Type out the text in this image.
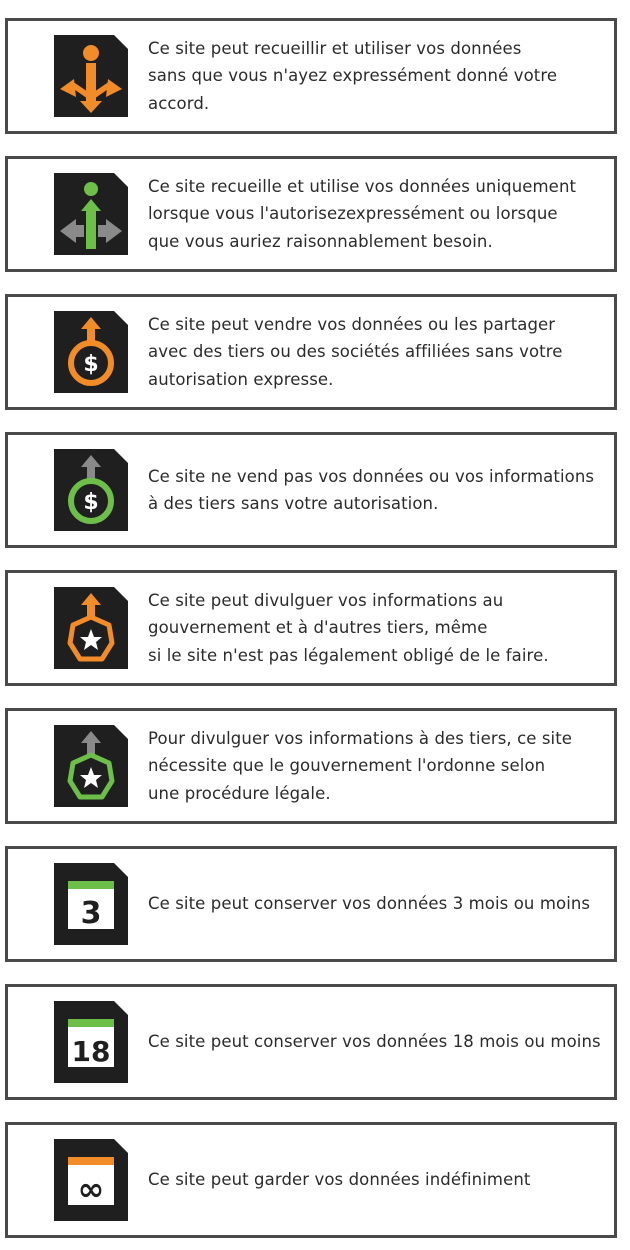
Ce site peut recueillir et utiliser vos données
sans que vous n'ayez expressément donné votre accord.
Ce site recueille et utilise vos données uniquement
lorsque vous l'autorisezexpressément ou lorsque
que vous auriez raisonnablement besoin.
$
Ce site peut vendre vos données ou les partager
avec des tiers ou des sociétés affiliées sans votre
autorisation expresse.
$
Ce site ne vend pas vos données ou vos informations
à des tiers sans votre autorisation.
Ce site peut divulguer vos informations au
gouvernement et à d'autres tiers, même
si le site n'est pas légalement obligé de le faire.
Pour divulguer vos informations à des tiers, ce site
nécessite que le gouvernement l'ordonne selon
une procédure légale.
3	Ce site peut conserver vos données 3 mois ou moins
18 Ce site peut conserver vos données 18 mois ou moins
∞	Ce site peut garder vos données indéfiniment
